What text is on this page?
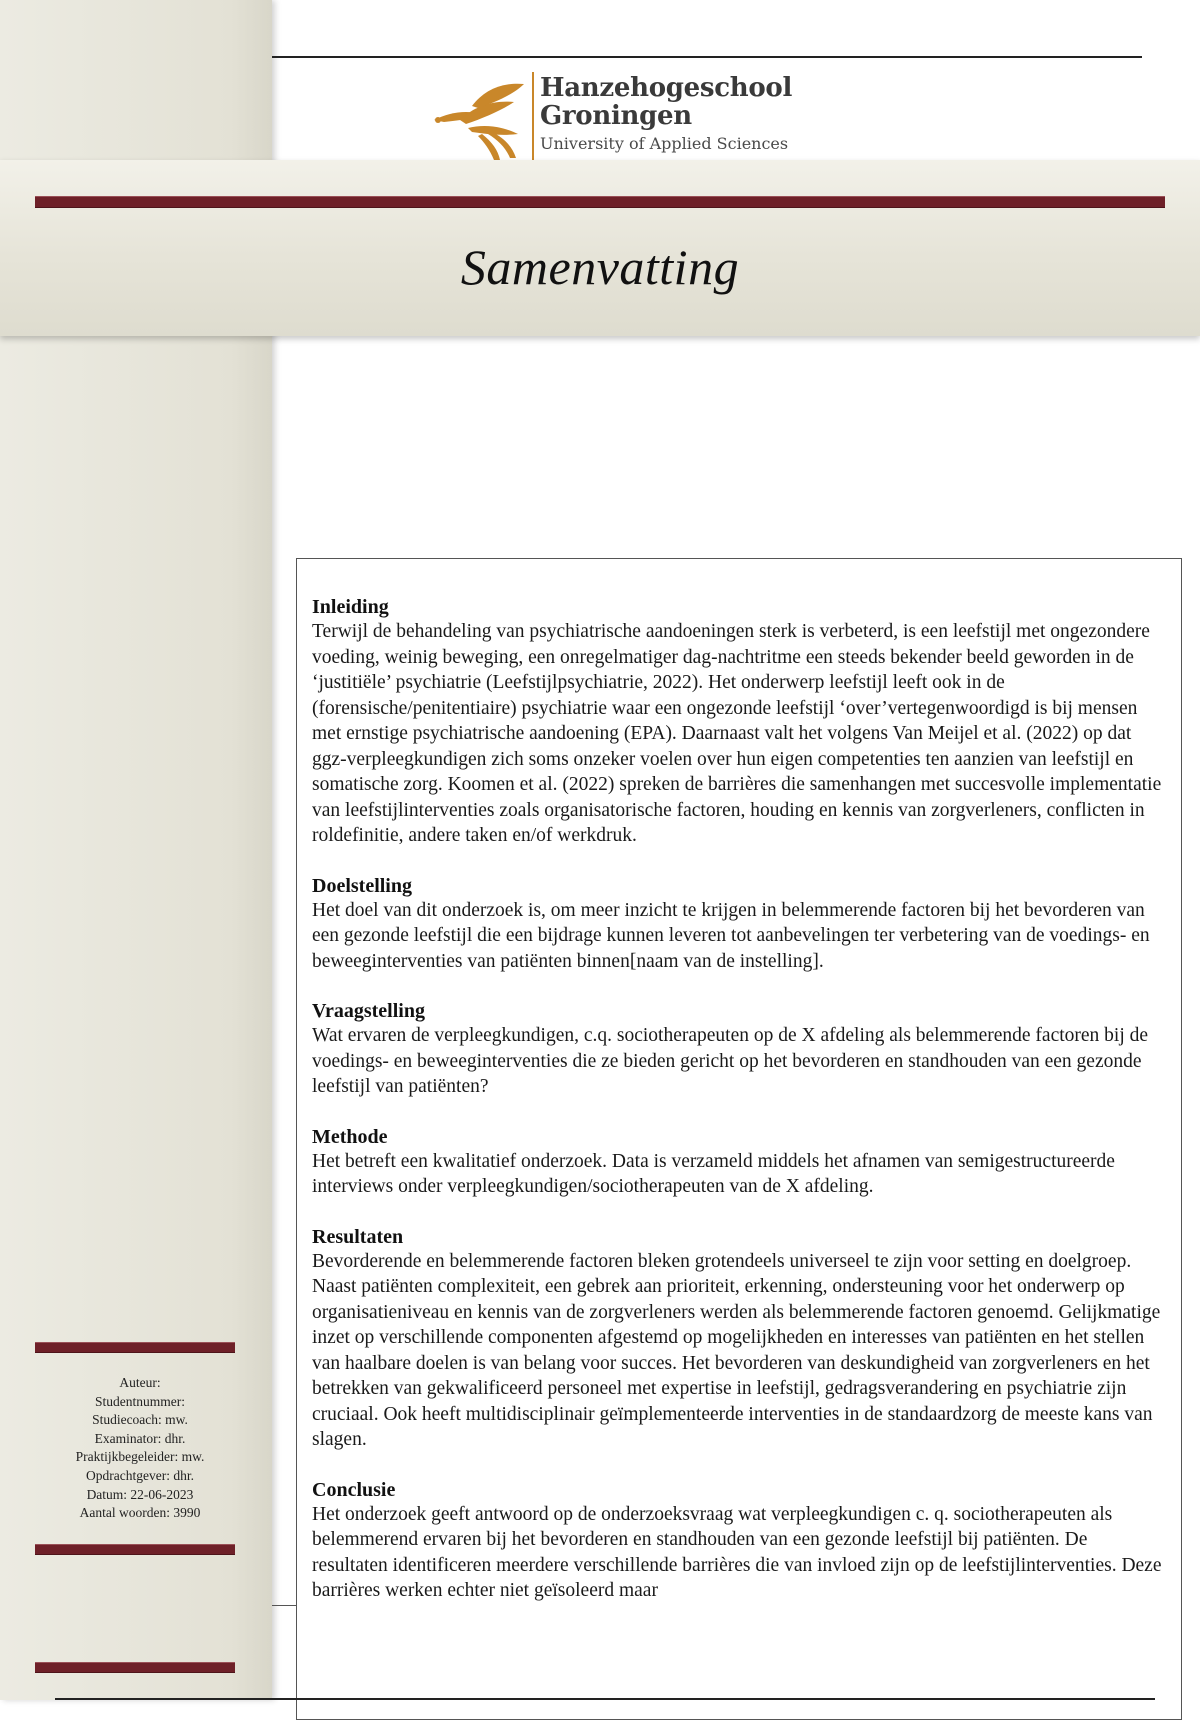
Auteur:
Studentnummer:
Studiecoach: mw.
Examinator: dhr.
Praktijkbegeleider: mw.
Opdrachtgever: dhr.
Datum: 22-06-2023
Aantal woorden: 3990
Hanzehogeschool
Groningen
University of Applied Sciences
Samenvatting
Inleiding

Terwijl de behandeling van psychiatrische aandoeningen sterk is verbeterd, is een leefstijl met ongezondere voeding, weinig beweging, een onregelmatiger dag-nachtritme een steeds bekender beeld geworden in de ‘justitiële’ psychiatrie (Leefstijlpsychiatrie, 2022). Het onderwerp leefstijl leeft ook in de (forensische/penitentiaire) psychiatrie waar een ongezonde leefstijl ‘over’vertegenwoordigd is bij mensen met ernstige psychiatrische aandoening (EPA). Daarnaast valt het volgens Van Meijel et al. (2022) op dat ggz-verpleegkundigen zich soms onzeker voelen over hun eigen competenties ten aanzien van leefstijl en somatische zorg. Koomen et al. (2022) spreken de barrières die samenhangen met succesvolle implementatie van leefstijlinterventies zoals organisatorische factoren, houding en kennis van zorgverleners, conflicten in roldefinitie, andere taken en/of werkdruk.

Doelstelling

Het doel van dit onderzoek is, om meer inzicht te krijgen in belemmerende factoren bij het bevorderen van een gezonde leefstijl die een bijdrage kunnen leveren tot aanbevelingen ter verbetering van de voedings- en beweeginterventies van patiënten binnen[naam van de instelling].

Vraagstelling

Wat ervaren de verpleegkundigen, c.q. sociotherapeuten op de X afdeling als belemmerende factoren bij de voedings- en beweeginterventies die ze bieden gericht op het bevorderen en standhouden van een gezonde leefstijl van patiënten?

Methode

Het betreft een kwalitatief onderzoek. Data is verzameld middels het afnamen van semigestructureerde interviews onder verpleegkundigen/sociotherapeuten van de X afdeling.

Resultaten

Bevorderende en belemmerende factoren bleken grotendeels universeel te zijn voor setting en doelgroep. Naast patiënten complexiteit, een gebrek aan prioriteit, erkenning, ondersteuning voor het onderwerp op organisatieniveau en kennis van de zorgverleners werden als belemmerende factoren genoemd. Gelijkmatige inzet op verschillende componenten afgestemd op mogelijkheden en interesses van patiënten en het stellen van haalbare doelen is van belang voor succes. Het bevorderen van deskundigheid van zorgverleners en het betrekken van gekwalificeerd personeel met expertise in leefstijl, gedragsverandering en psychiatrie zijn cruciaal. Ook heeft multidisciplinair geïmplementeerde interventies in de standaardzorg de meeste kans van slagen.

Conclusie

Het onderzoek geeft antwoord op de onderzoeksvraag wat verpleegkundigen c. q. sociotherapeuten als belemmerend ervaren bij het bevorderen en standhouden van een gezonde leefstijl bij patiënten. De resultaten identificeren meerdere verschillende barrières die van invloed zijn op de leefstijlinterventies. Deze barrières werken echter niet geïsoleerd maar
